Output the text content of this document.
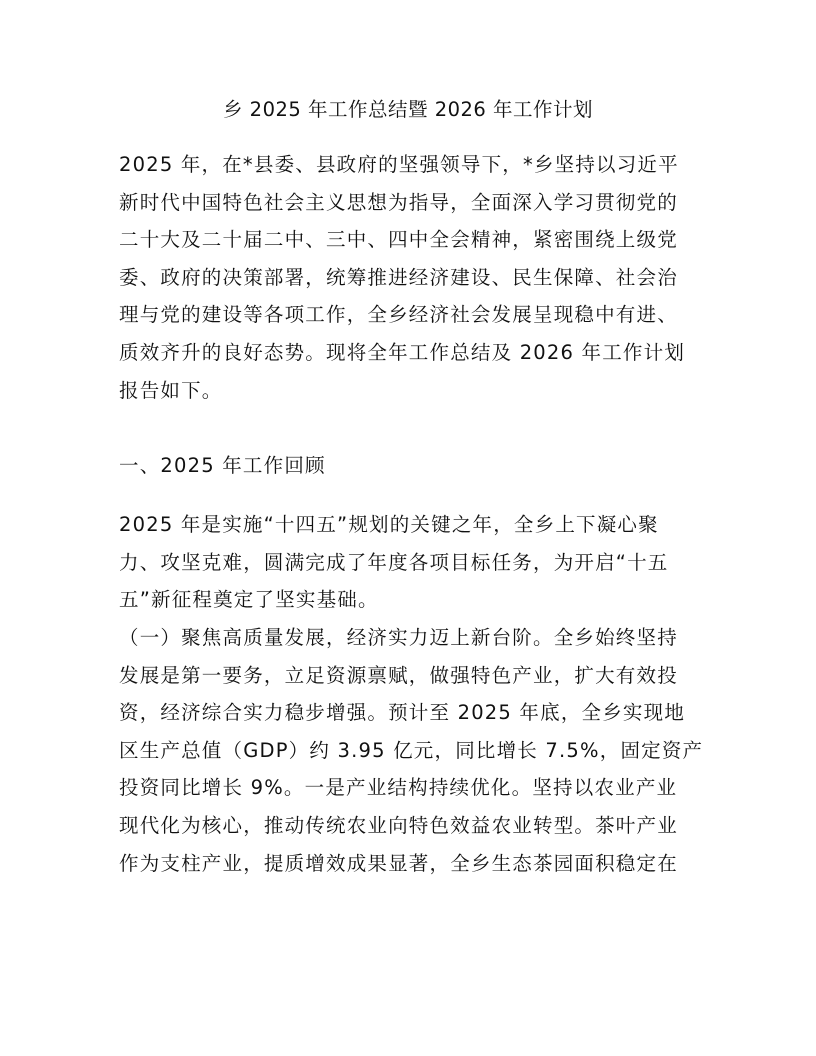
乡 2025 年工作总结暨 2026 年工作计划
2025 年，在*县委、县政府的坚强领导下，*乡坚持以习近平
新时代中国特色社会主义思想为指导，全面深入学习贯彻党的
二十大及二十届二中、三中、四中全会精神，紧密围绕上级党
委、政府的决策部署，统筹推进经济建设、民生保障、社会治
理与党的建设等各项工作，全乡经济社会发展呈现稳中有进、
质效齐升的良好态势。现将全年工作总结及 2026 年工作计划
报告如下。
一、2025 年工作回顾
2025 年是实施“十四五”规划的关键之年，全乡上下凝心聚
力、攻坚克难，圆满完成了年度各项目标任务，为开启“十五
五”新征程奠定了坚实基础。
（一）聚焦高质量发展，经济实力迈上新台阶。全乡始终坚持
发展是第一要务，立足资源禀赋，做强特色产业，扩大有效投
资，经济综合实力稳步增强。预计至 2025 年底，全乡实现地
区生产总值（GDP）约 3.95 亿元，同比增长 7.5%，固定资产
投资同比增长 9%。一是产业结构持续优化。坚持以农业产业
现代化为核心，推动传统农业向特色效益农业转型。茶叶产业
作为支柱产业，提质增效成果显著，全乡生态茶园面积稳定在
